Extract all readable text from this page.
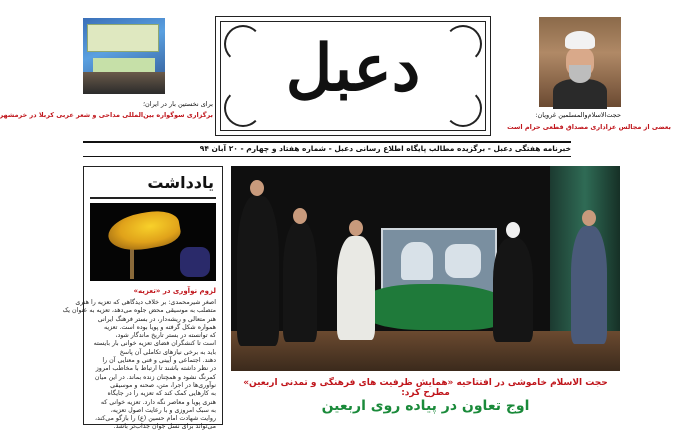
برای نخستین بار در ایران؛
برگزاری سوگواره بین‌المللی مداحی و شعر عربی کربلا در خرمشهر	حجت‌الاسلام‌والمسلمین غرویان:
بعضی از مجالس عزاداری مصداق قطعی حرام است
دعبل
خبرنامه هفتگی دعبل - برگزیده مطالب پایگاه اطلاع رسانی دعبل - شماره هفتاد و چهارم - ۲۰ آبان ۹۴
یادداشت
لزوم نوآوری در «تعزیه»
اصغر شیرمحمدی: بر خلاف دیدگاهی که تعزیه را هنری
متصلب به موسیقی محض جلوه می‌دهد، تعزیه به عنوان یک
هنر متعالی و ریشه‌دار، در بستر فرهنگ ایرانی
همواره شکل گرفته و پویا بوده است. تعزیه
که توانسته در بستر تاریخ ماندگار شود،
است تا کنشگران فضای تعزیه خوانی بار بایسته
باید به برخی نیازهای تکاملی آن پاسخ
دهند. اجتماعی و آیینی و فنی و معنایی آن را
در نظر داشته باشند تا ارتباط با مخاطب امروز
کمرنگ نشود و همچنان زنده بماند. در این میان
نوآوری‌ها در اجرا، متن، صحنه و موسیقی
به کارهایی کمک کند که تعزیه را در جایگاه
هنری پویا و معاصر نگه دارد. تعزیه خوانی که
به سبک امروزی و با رعایت اصول تعزیه،
روایت شهادت امام حسین (ع) را بازگو می‌کند،
می‌تواند برای نسل جوان جذاب‌تر باشد.
حجت الاسلام خاموشی در افتتاحیه «همایش ظرفیت های فرهنگی و تمدنی اربعین» مطرح کرد:
اوج تعاون در پیاده روی اربعین
